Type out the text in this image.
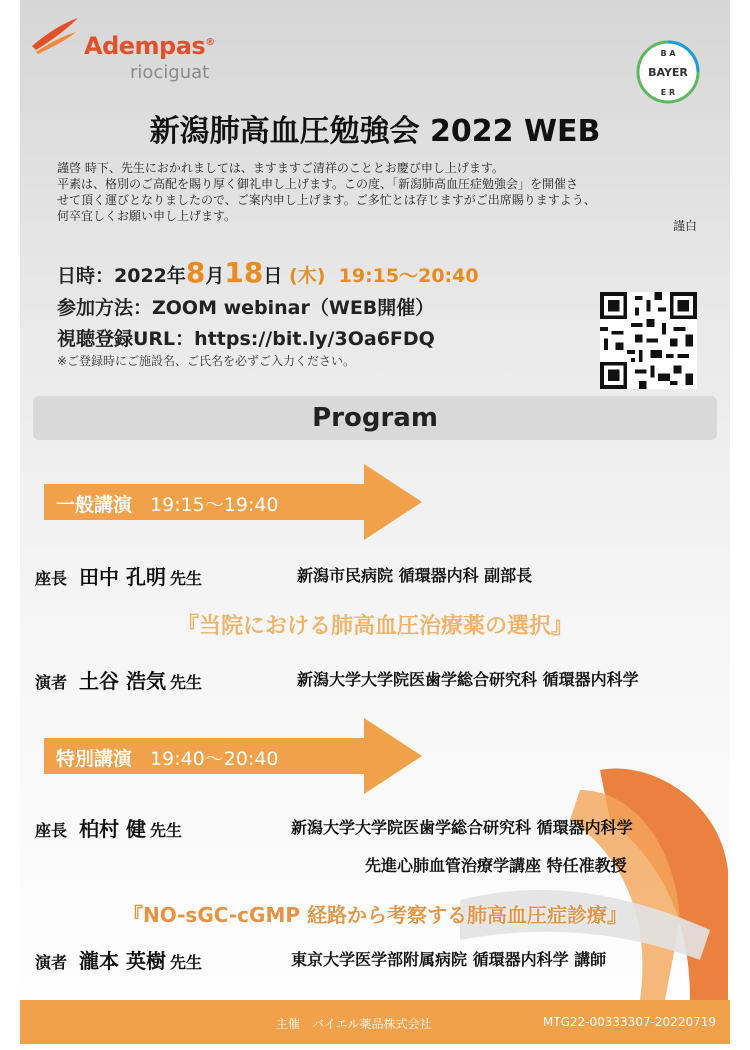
Adempas®
riociguat	BAYER
B A
E R
新潟肺高血圧勉強会 2022 WEB
謹啓 時下、先生におかれましては、ますますご清祥のこととお慶び申し上げます。
平素は、格別のご高配を賜り厚く御礼申し上げます。この度、「新潟肺高血圧症勉強会」を開催さ
せて頂く運びとなりましたので、ご案内申し上げます。ご多忙とは存じますがご出席賜りますよう、
何卒宜しくお願い申し上げます。
謹白
日時：2022年8月18日 (木) 19:15〜20:40
参加方法：ZOOM webinar（WEB開催）
視聴登録URL：https://bit.ly/3Oa6FDQ
※ご登録時にご施設名、ご氏名を必ずご入力ください。
Program
一般講演 19:15〜19:40
座長 田中 孔明 先生	新潟市民病院 循環器内科 副部長
『当院における肺高血圧治療薬の選択』
演者 土谷 浩気 先生	新潟大学大学院医歯学総合研究科 循環器内科学
特別講演 19:40〜20:40
座長 柏村 健 先生	新潟大学大学院医歯学総合研究科 循環器内科学
先進心肺血管治療学講座 特任准教授
『NO-sGC-cGMP 経路から考察する肺高血圧症診療』
演者 瀧本 英樹 先生	東京大学医学部附属病院 循環器内科学 講師
主催　バイエル薬品株式会社	MTG22-00333307-20220719
